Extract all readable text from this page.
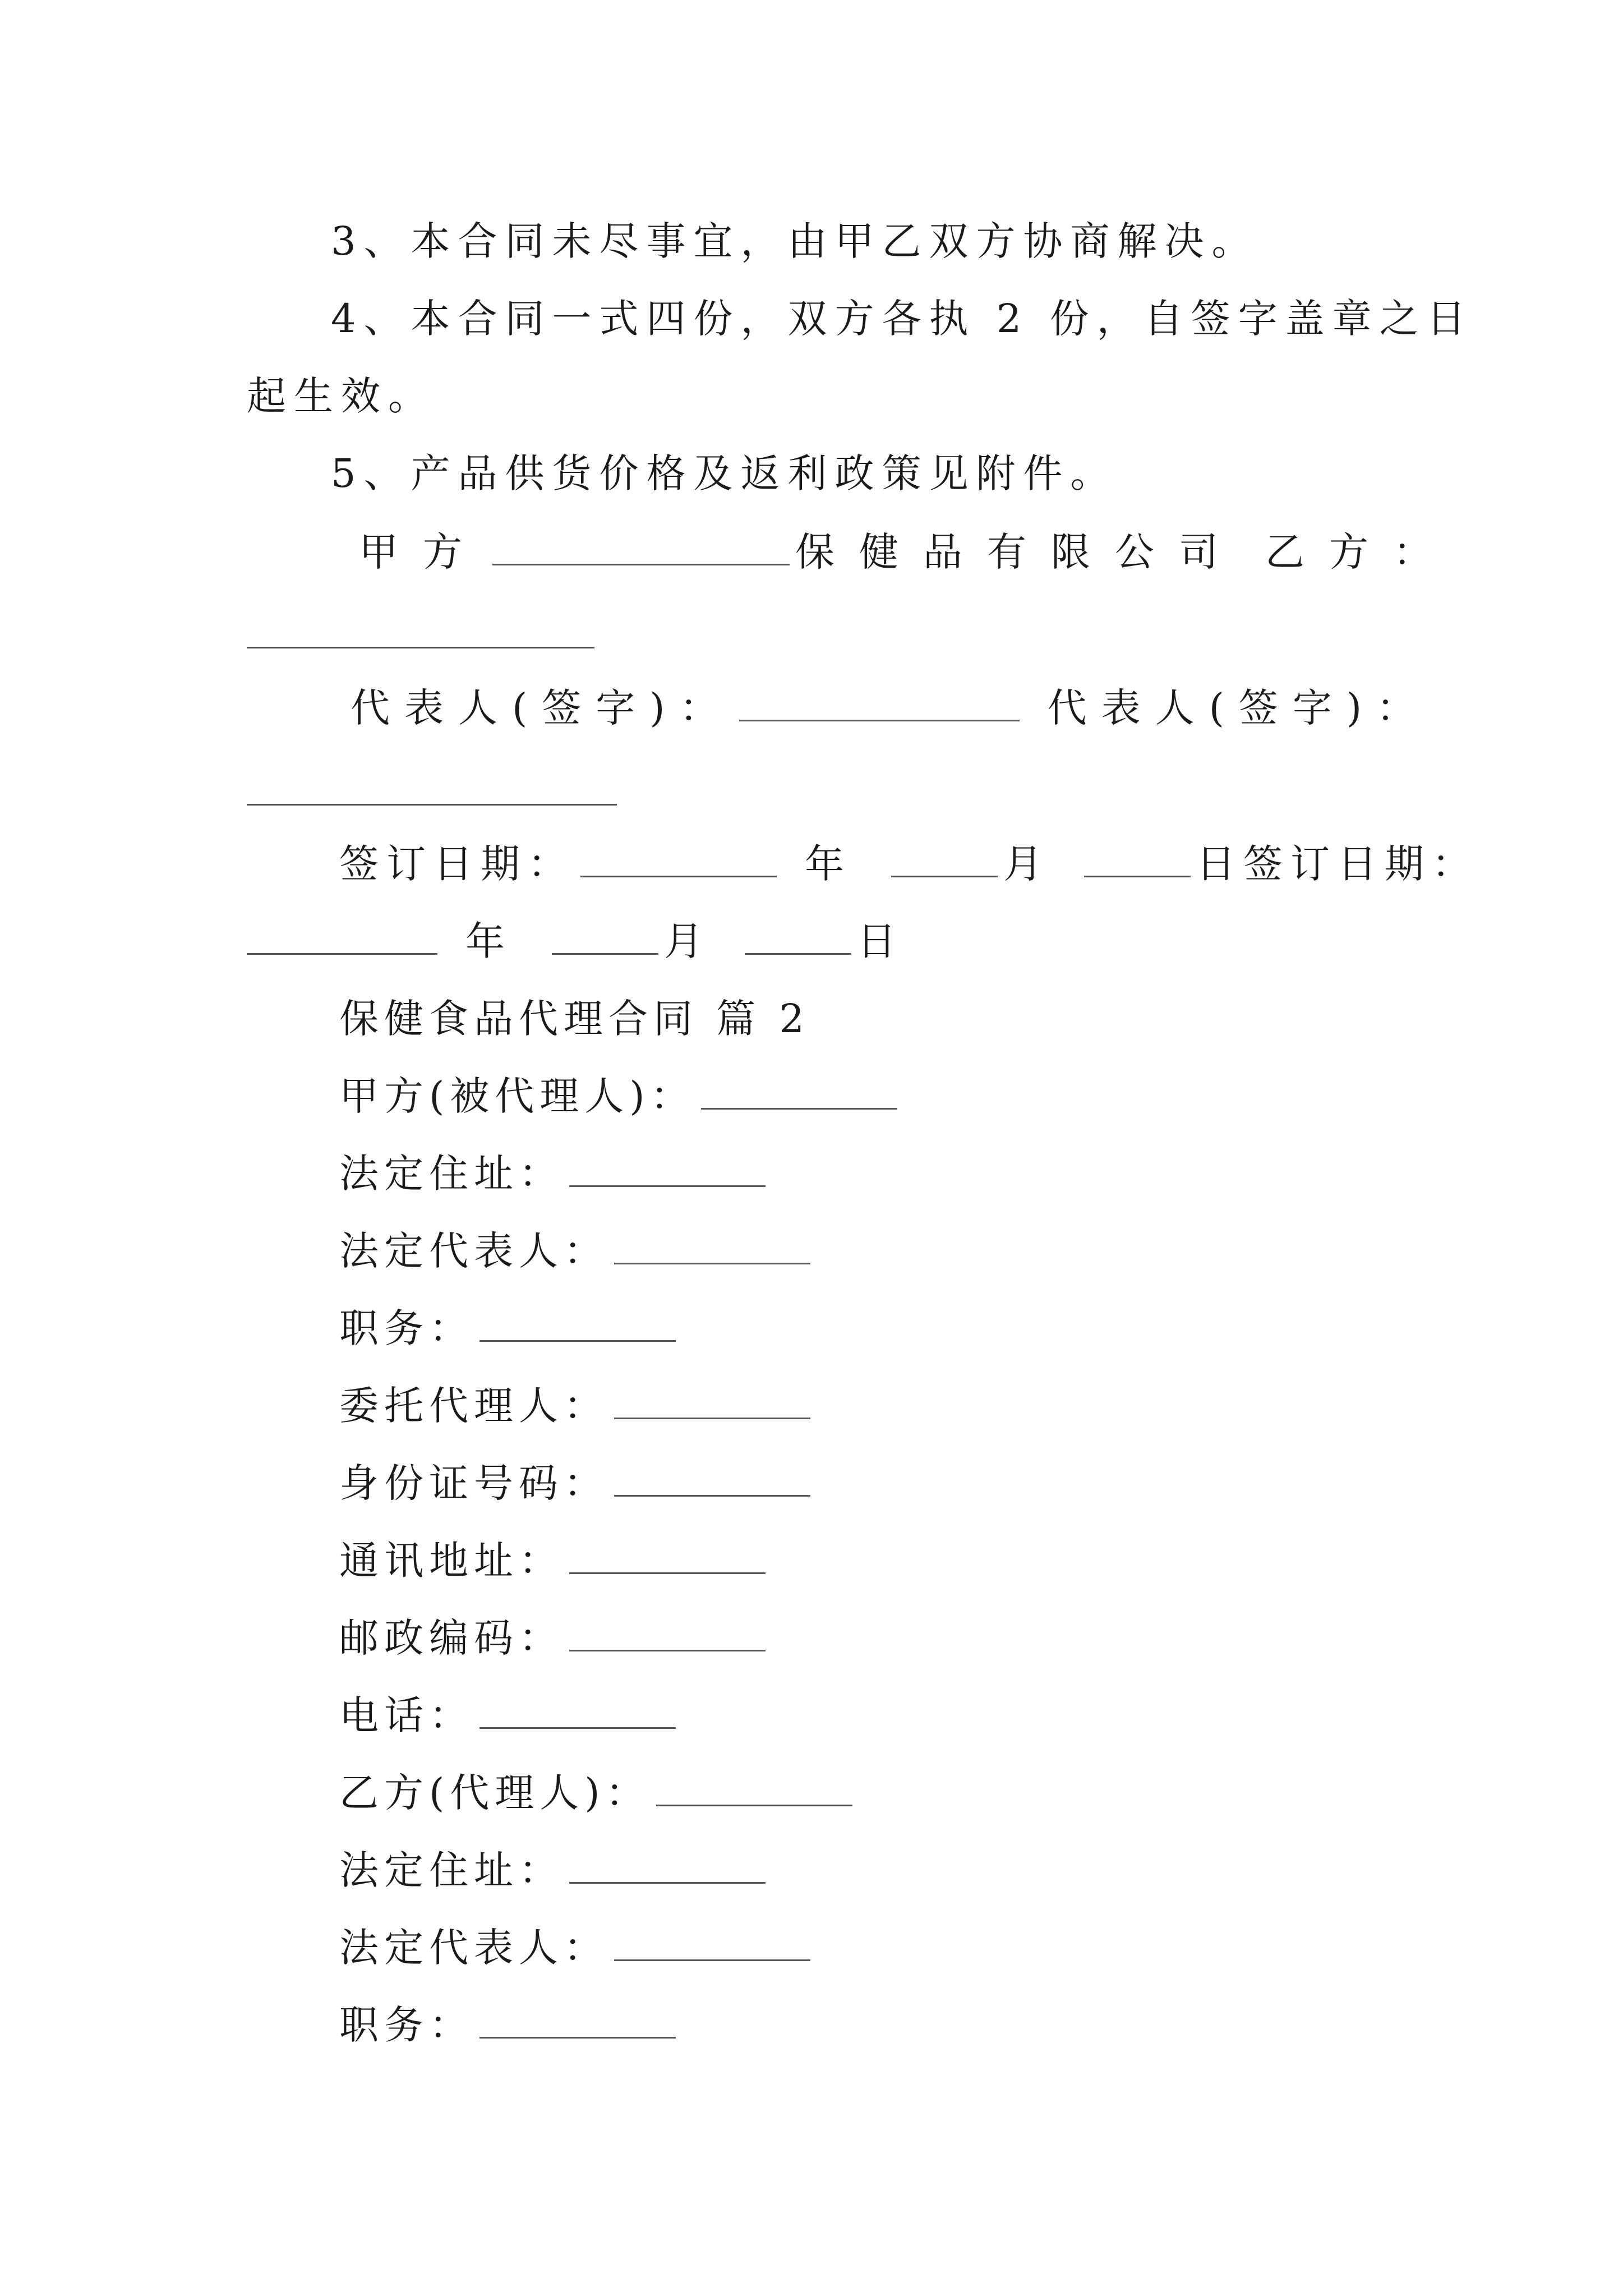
3、本合同未尽事宜，由甲乙双方协商解决。
4、本合同一式四份，双方各执 2 份，自签字盖章之日
起生效。
5、产品供货价格及返利政策见附件。
甲方	保健品有限公司 乙方：
代表人(签字)：	代表人(签字)：
签订日期：	年	月	日签订日期：
年	月	日
保健食品代理合同 篇 2
甲方(被代理人)：
法定住址：
法定代表人：
职务：
委托代理人：
身份证号码：
通讯地址：
邮政编码：
电话：
乙方(代理人)：
法定住址：
法定代表人：
职务：
